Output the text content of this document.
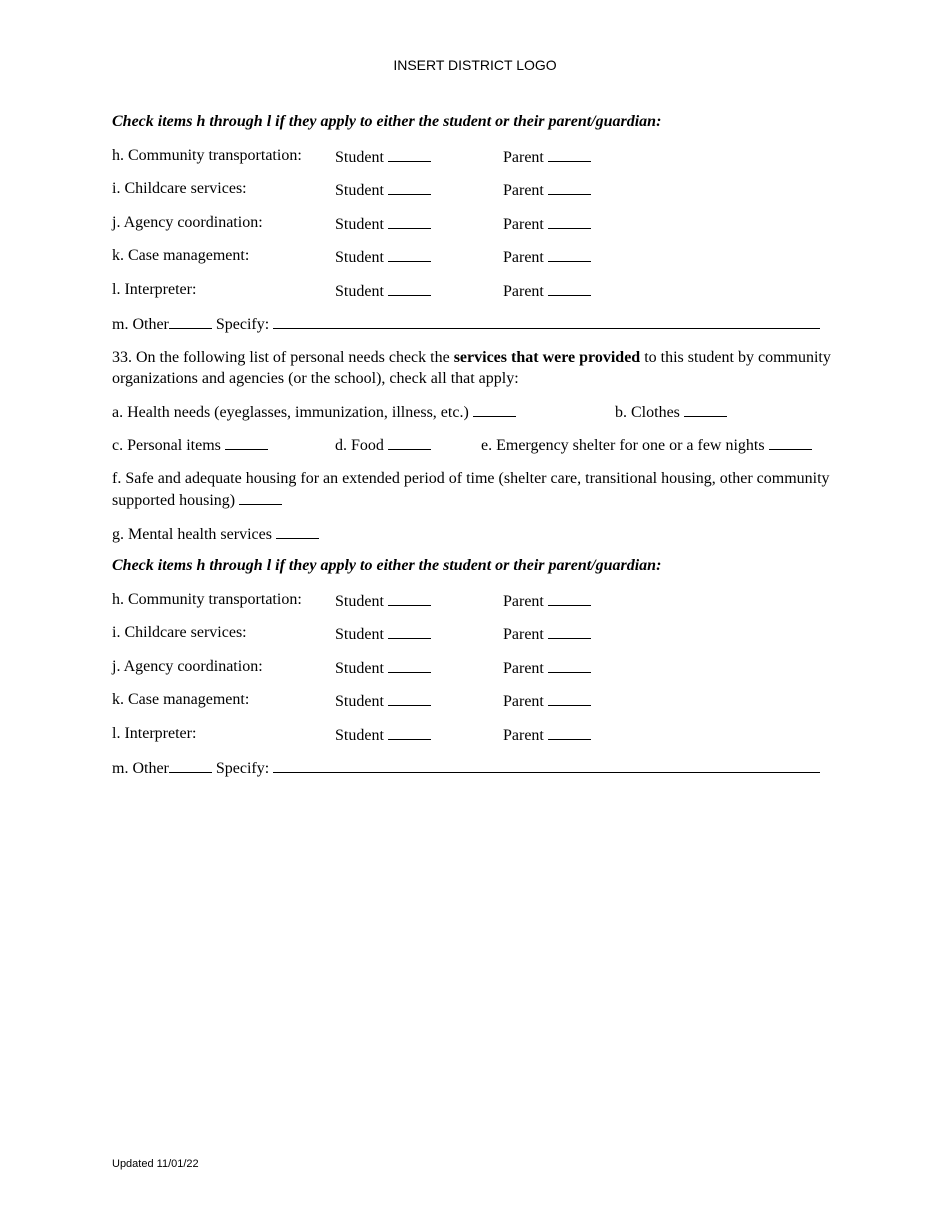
INSERT DISTRICT LOGO
Check items h through l if they apply to either the student or their parent/guardian:
h. Community transportation: Student	Parent
i. Childcare services:	Student	Parent
j. Agency coordination:	Student	Parent
k. Case management:	Student	Parent
l. Interpreter:	Student	Parent
m. Other	Specify:
33. On the following list of personal needs check the services that were provided to this student by community organizations and agencies (or the school), check all that apply:
a. Health needs (eyeglasses, immunization, illness, etc.)	b. Clothes
c. Personal items	d. Food	e. Emergency shelter for one or a few nights
f. Safe and adequate housing for an extended period of time (shelter care, transitional housing, other community supported housing)
g. Mental health services
Check items h through l if they apply to either the student or their parent/guardian:
h. Community transportation: Student	Parent
i. Childcare services:	Student	Parent
j. Agency coordination:	Student	Parent
k. Case management:	Student	Parent
l. Interpreter:	Student	Parent
m. Other	Specify:
Updated 11/01/22
